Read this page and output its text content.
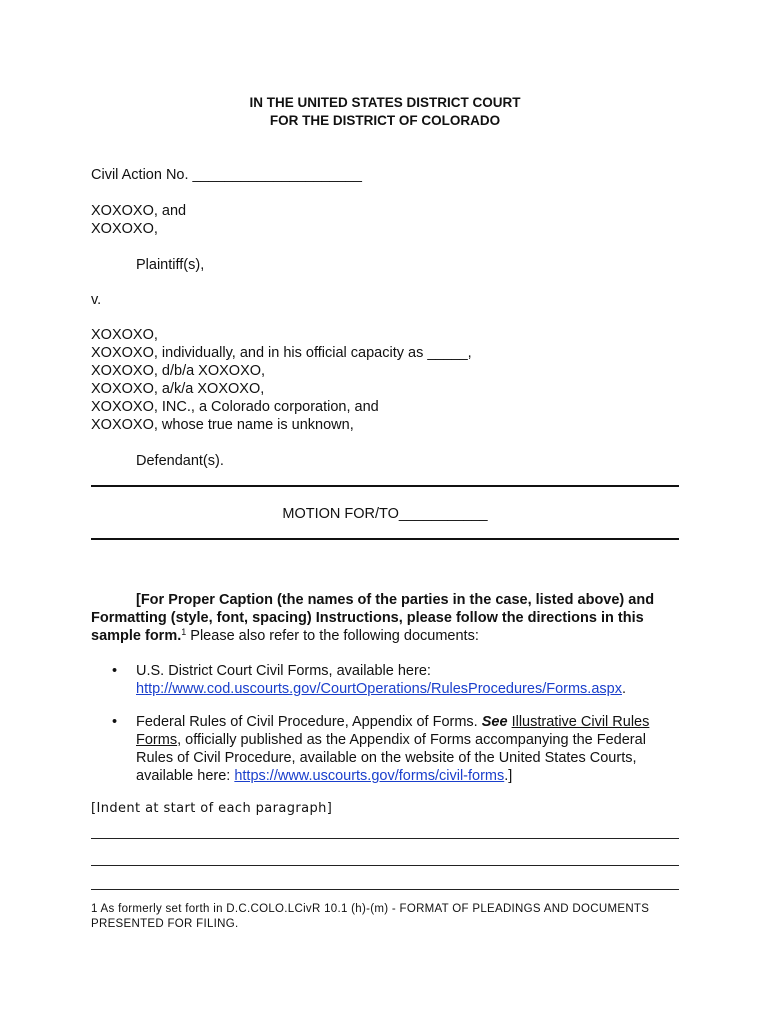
IN THE UNITED STATES DISTRICT COURT
FOR THE DISTRICT OF COLORADO
Civil Action No. _____________________
XOXOXO, and
XOXOXO,
Plaintiff(s),
v.
XOXOXO,
XOXOXO, individually, and in his official capacity as _____,
XOXOXO, d/b/a XOXOXO,
XOXOXO, a/k/a XOXOXO,
XOXOXO, INC., a Colorado corporation, and
XOXOXO, whose true name is unknown,
Defendant(s).
MOTION FOR/TO___________
[For Proper Caption (the names of the parties in the case, listed above) and Formatting (style, font, spacing) Instructions, please follow the directions in this sample form.$^1$ Please also refer to the following documents:
• U.S. District Court Civil Forms, available here:
http://www.cod.uscourts.gov/CourtOperations/RulesProcedures/Forms.aspx.
• Federal Rules of Civil Procedure, Appendix of Forms. See Illustrative Civil Rules Forms, officially published as the Appendix of Forms accompanying the Federal Rules of Civil Procedure, available on the website of the United States Courts, available here: https://www.uscourts.gov/forms/civil-forms.]
[Indent at start of each paragraph]
1 As formerly set forth in D.C.COLO.LCivR 10.1 (h)-(m) - FORMAT OF PLEADINGS AND DOCUMENTS PRESENTED FOR FILING.
